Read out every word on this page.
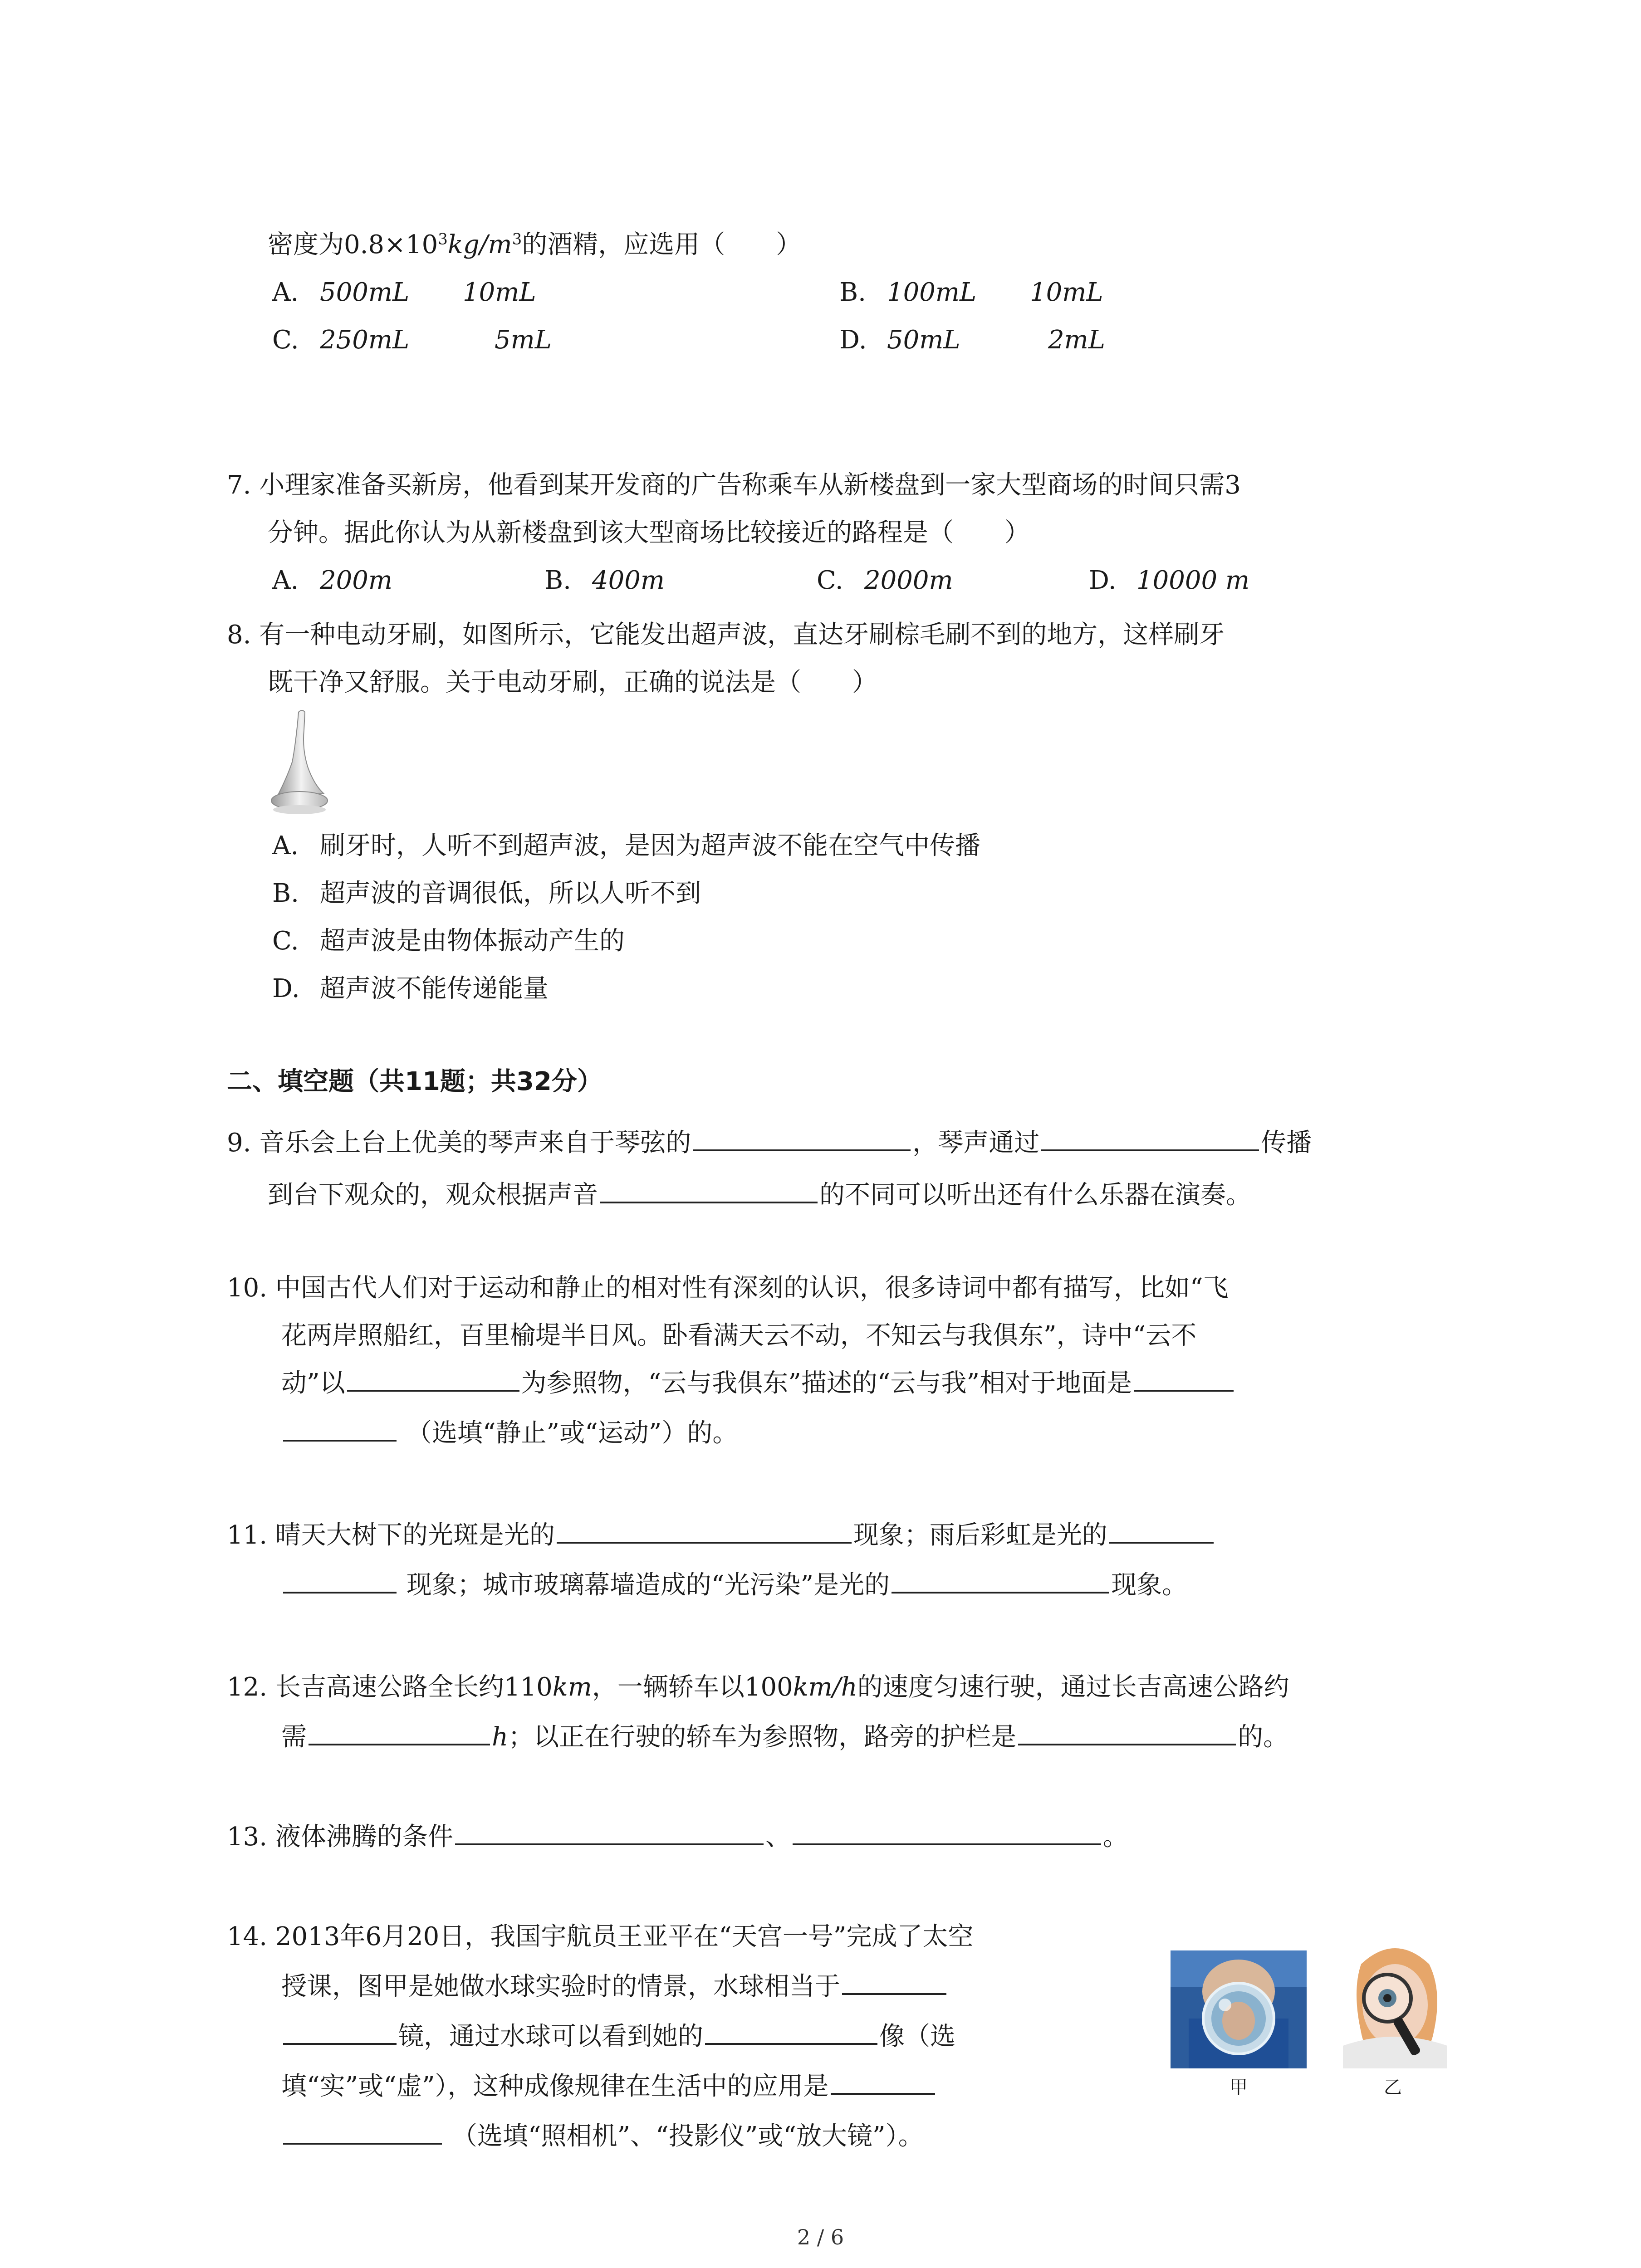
密度为$0.8\times 10^3kg/m^3$的酒精，应选用（　　）
A. 500mL 10mL	B. 100mL 10mL
C. 250mL	5mL	D. 50mL	2mL
7. 小理家准备买新房，他看到某开发商的广告称乘车从新楼盘到一家大型商场的时间只需3
分钟。据此你认为从新楼盘到该大型商场比较接近的路程是（　　）
A. 200m	B. 400m	C. 2000m	D. 10000 m
8. 有一种电动牙刷，如图所示，它能发出超声波，直达牙刷棕毛刷不到的地方，这样刷牙
既干净又舒服。关于电动牙刷，正确的说法是（　　）
A. 刷牙时，人听不到超声波，是因为超声波不能在空气中传播
B. 超声波的音调很低，所以人听不到
C. 超声波是由物体振动产生的
D. 超声波不能传递能量
二、填空题（共11题；共32分）
9. 音乐会上台上优美的琴声来自于琴弦的	，琴声通过	传播
到台下观众的，观众根据声音	的不同可以听出还有什么乐器在演奏。
10. 中国古代人们对于运动和静止的相对性有深刻的认识，很多诗词中都有描写，比如“飞
花两岸照船红，百里榆堤半日风。卧看满天云不动，不知云与我俱东”，诗中“云不
动”以	为参照物，“云与我俱东”描述的“云与我”相对于地面是
（选填“静止”或“运动”）的。
11. 晴天大树下的光斑是光的	现象；雨后彩虹是光的
现象；城市玻璃幕墙造成的“光污染”是光的	现象。
12. 长吉高速公路全长约110km，一辆轿车以100km/h的速度匀速行驶，通过长吉高速公路约
需	h；以正在行驶的轿车为参照物，路旁的护栏是	的。
13. 液体沸腾的条件	、	。
14. 2013年6月20日，我国宇航员王亚平在“天宫一号”完成了太空
授课，图甲是她做水球实验时的情景，水球相当于
镜，通过水球可以看到她的	像（选
填“实”或“虚”），这种成像规律在生活中的应用是
（选填“照相机”、“投影仪”或“放大镜”）。
甲	乙
2 / 6
